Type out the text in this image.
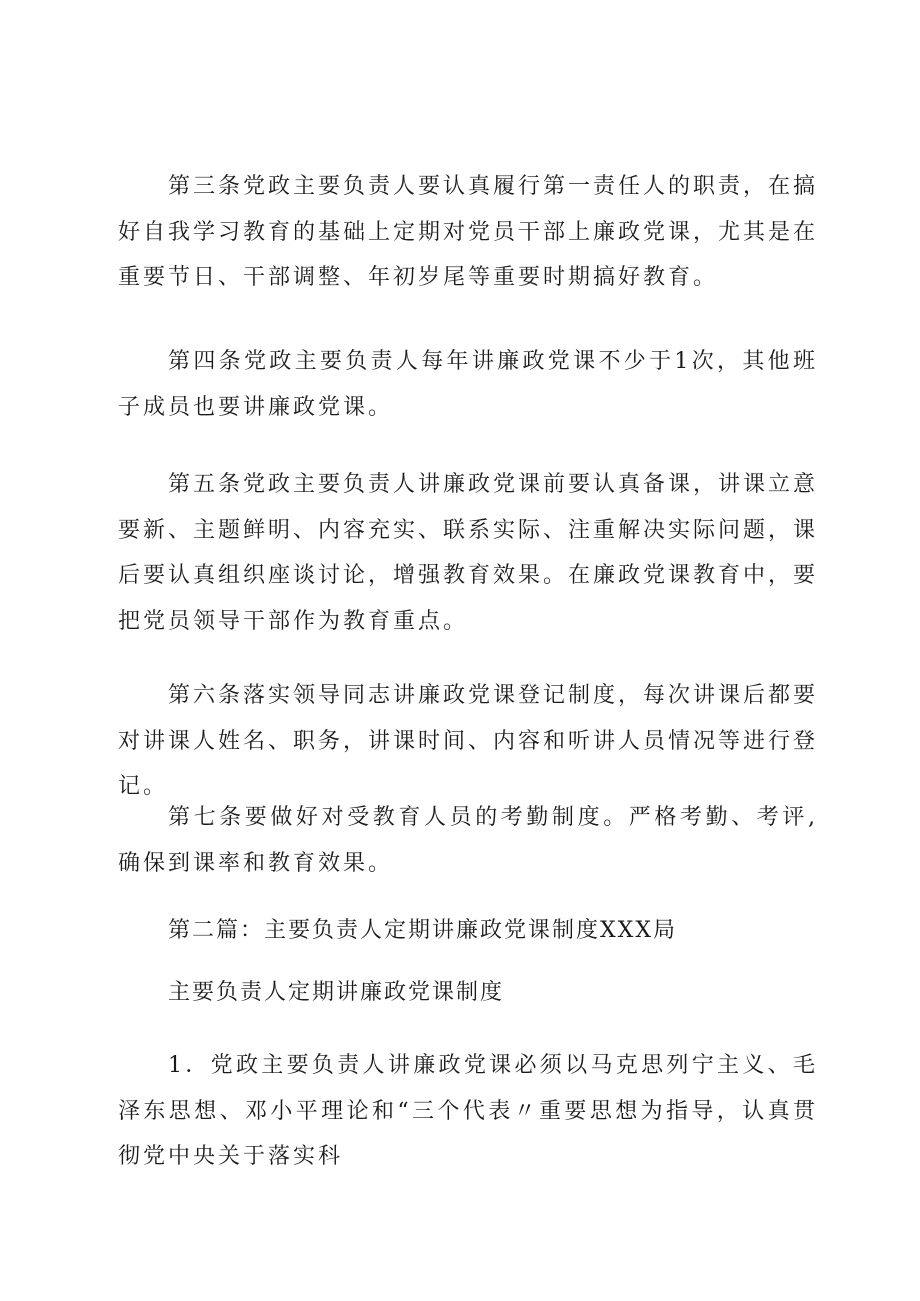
第三条党政主要负责人要认真履行第一责任人的职责，在搞好自我学习教育的基础上定期对党员干部上廉政党课，尤其是在重要节日、干部调整、年初岁尾等重要时期搞好教育。

第四条党政主要负责人每年讲廉政党课不少于1次，其他班子成员也要讲廉政党课。

第五条党政主要负责人讲廉政党课前要认真备课，讲课立意要新、主题鲜明、内容充实、联系实际、注重解决实际问题，课后要认真组织座谈讨论，增强教育效果。在廉政党课教育中，要把党员领导干部作为教育重点。

第六条落实领导同志讲廉政党课登记制度，每次讲课后都要对讲课人姓名、职务，讲课时间、内容和听讲人员情况等进行登记。

第七条要做好对受教育人员的考勤制度。严格考勤、考评,确保到课率和教育效果。

第二篇：主要负责人定期讲廉政党课制度XXX局

主要负责人定期讲廉政党课制度

1．党政主要负责人讲廉政党课必须以马克思列宁主义、毛泽东思想、邓小平理论和“三个代表〃重要思想为指导，认真贯彻党中央关于落实科
